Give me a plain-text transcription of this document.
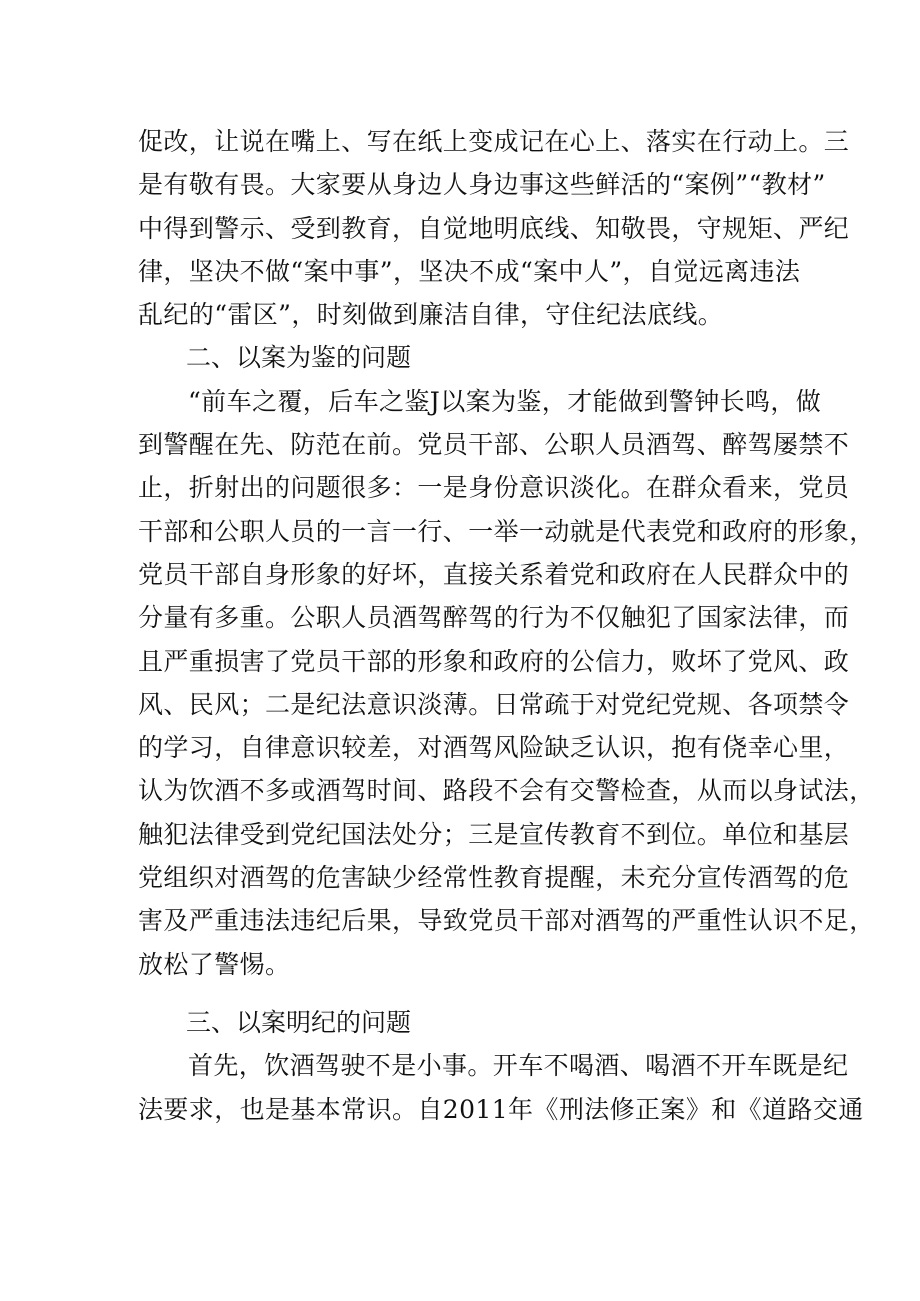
促改，让说在嘴上、写在纸上变成记在心上、落实在行动上。三
是有敬有畏。大家要从身边人身边事这些鲜活的“案例”“教材”
中得到警示、受到教育，自觉地明底线、知敬畏，守规矩、严纪
律，坚决不做“案中事”，坚决不成“案中人”，自觉远离违法
乱纪的“雷区”，时刻做到廉洁自律，守住纪法底线。
二、以案为鉴的问题
“前车之覆，后车之鉴J以案为鉴，才能做到警钟长鸣，做
到警醒在先、防范在前。党员干部、公职人员酒驾、醉驾屡禁不
止，折射出的问题很多：一是身份意识淡化。在群众看来，党员
干部和公职人员的一言一行、一举一动就是代表党和政府的形象，
党员干部自身形象的好坏，直接关系着党和政府在人民群众中的
分量有多重。公职人员酒驾醉驾的行为不仅触犯了国家法律，而
且严重损害了党员干部的形象和政府的公信力，败坏了党风、政
风、民风；二是纪法意识淡薄。日常疏于对党纪党规、各项禁令
的学习，自律意识较差，对酒驾风险缺乏认识，抱有侥幸心里，
认为饮酒不多或酒驾时间、路段不会有交警检查，从而以身试法，
触犯法律受到党纪国法处分；三是宣传教育不到位。单位和基层
党组织对酒驾的危害缺少经常性教育提醒，未充分宣传酒驾的危
害及严重违法违纪后果，导致党员干部对酒驾的严重性认识不足，
放松了警惕。
三、以案明纪的问题
首先，饮酒驾驶不是小事。开车不喝酒、喝酒不开车既是纪
法要求，也是基本常识。自2011年《刑法修正案》和《道路交通
